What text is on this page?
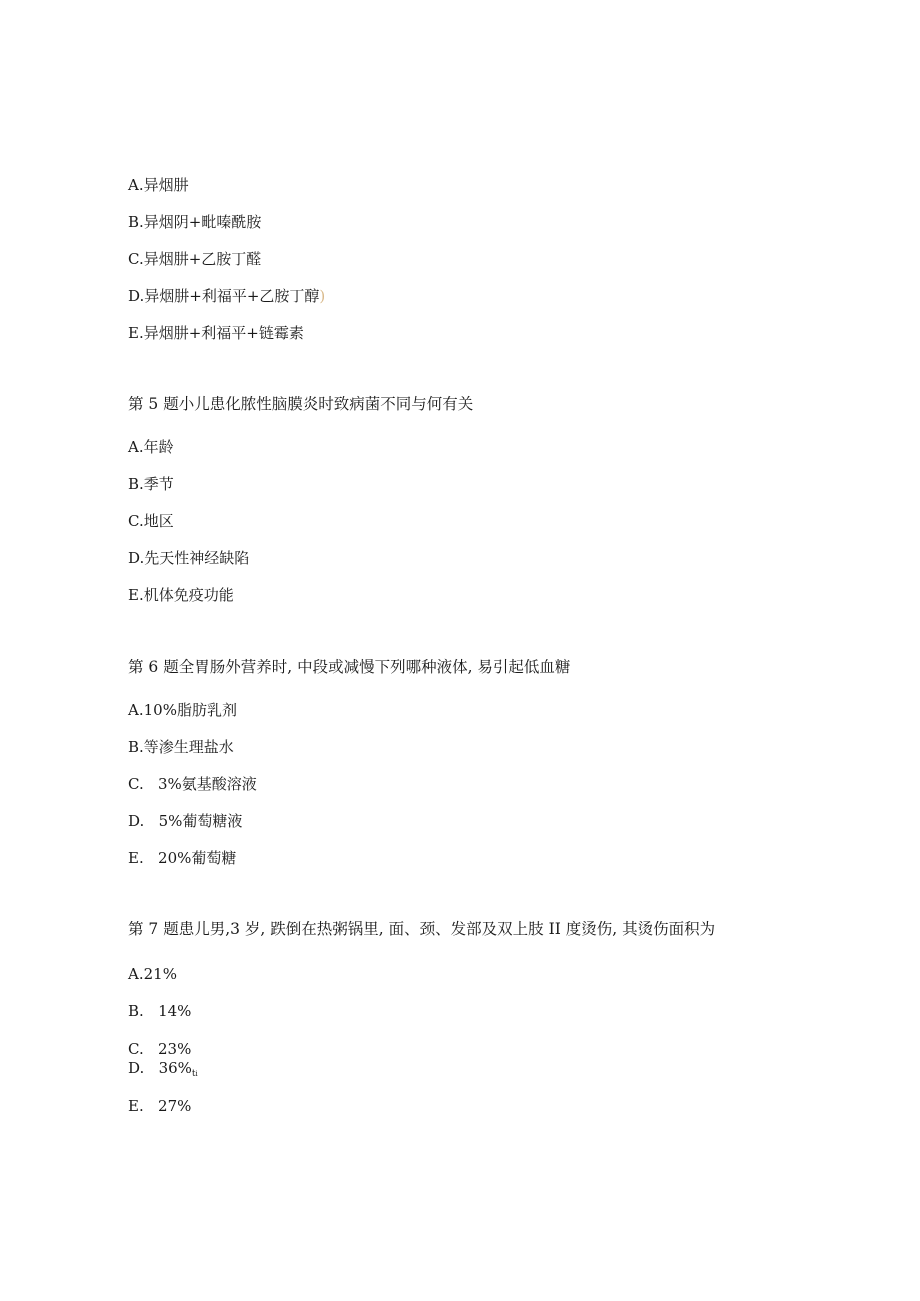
A.异烟肼
B.异烟阴+毗嗪酰胺
C.异烟肼+乙胺丁醛
D.异烟肼+利福平+乙胺丁醇)
E.异烟肼+利福平+链霉素
第 5 题小儿患化脓性脑膜炎时致病菌不同与何有关
A.年龄
B.季节
C.地区
D.先天性神经缺陷
E.机体免疫功能
第 6 题全胃肠外营养时, 中段或减慢下列哪种液体, 易引起低血糖
A.10%脂肪乳剂
B.等渗生理盐水
C.   3%氨基酸溶液
D.   5%葡萄糖液
E.   20%葡萄糖
第 7 题患儿男,3 岁, 跌倒在热粥锅里, 面、颈、发部及双上肢 II 度烫伤, 其烫伤面积为
A.21%
B.   14%
C.   23%
D.   $36\%_{ti}$
E.   27%
